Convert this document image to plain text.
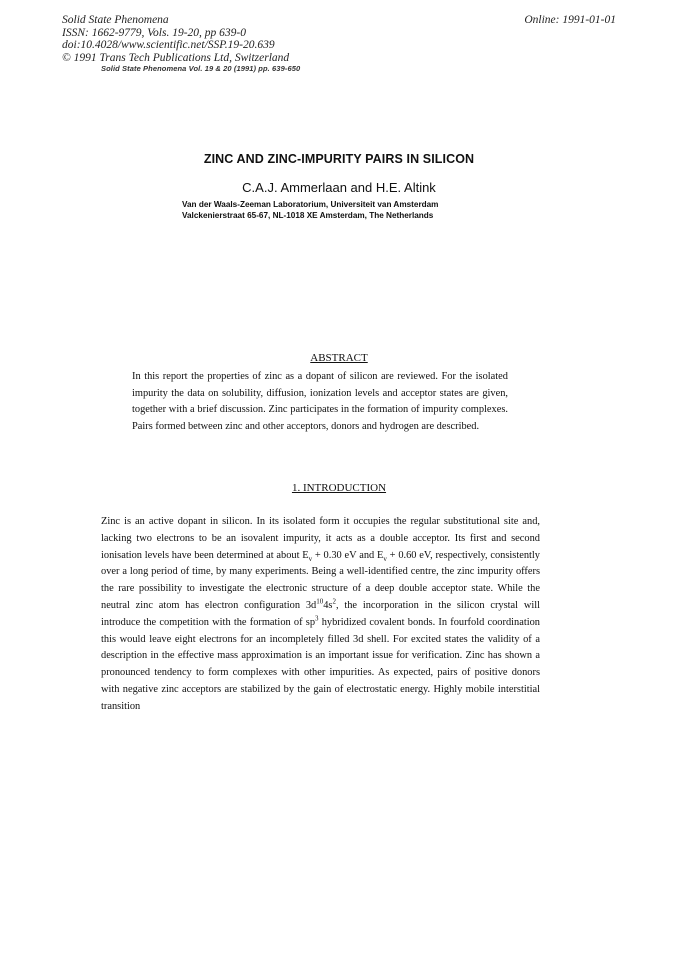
Solid State Phenomena
ISSN: 1662-9779, Vols. 19-20, pp 639-0
doi:10.4028/www.scientific.net/SSP.19-20.639
© 1991 Trans Tech Publications Ltd, Switzerland
Online: 1991-01-01
Solid State Phenomena Vol. 19 & 20 (1991) pp. 639-650
ZINC AND ZINC-IMPURITY PAIRS IN SILICON
C.A.J. Ammerlaan and H.E. Altink
Van der Waals-Zeeman Laboratorium, Universiteit van Amsterdam
Valckenierstraat 65-67, NL-1018 XE Amsterdam, The Netherlands
ABSTRACT
In this report the properties of zinc as a dopant of silicon are reviewed. For the isolated impurity the data on solubility, diffusion, ionization levels and acceptor states are given, together with a brief discussion. Zinc participates in the formation of impurity complexes. Pairs formed between zinc and other acceptors, donors and hydrogen are described.
1. INTRODUCTION
Zinc is an active dopant in silicon. In its isolated form it occupies the regular substitutional site and, lacking two electrons to be an isovalent impurity, it acts as a double acceptor. Its first and second ionisation levels have been determined at about $E_v + 0.30$ eV and $E_v + 0.60$ eV, respectively, consistently over a long period of time, by many experiments. Being a well-identified centre, the zinc impurity offers the rare possibility to investigate the electronic structure of a deep double acceptor state. While the neutral zinc atom has electron configuration $3d^{10}4s^2$, the incorporation in the silicon crystal will introduce the competition with the formation of $sp^3$ hybridized covalent bonds. In fourfold coordination this would leave eight electrons for an incompletely filled 3d shell. For excited states the validity of a description in the effective mass approximation is an important issue for verification. Zinc has shown a pronounced tendency to form complexes with other impurities. As expected, pairs of positive donors with negative zinc acceptors are stabilized by the gain of electrostatic energy. Highly mobile interstitial transition
